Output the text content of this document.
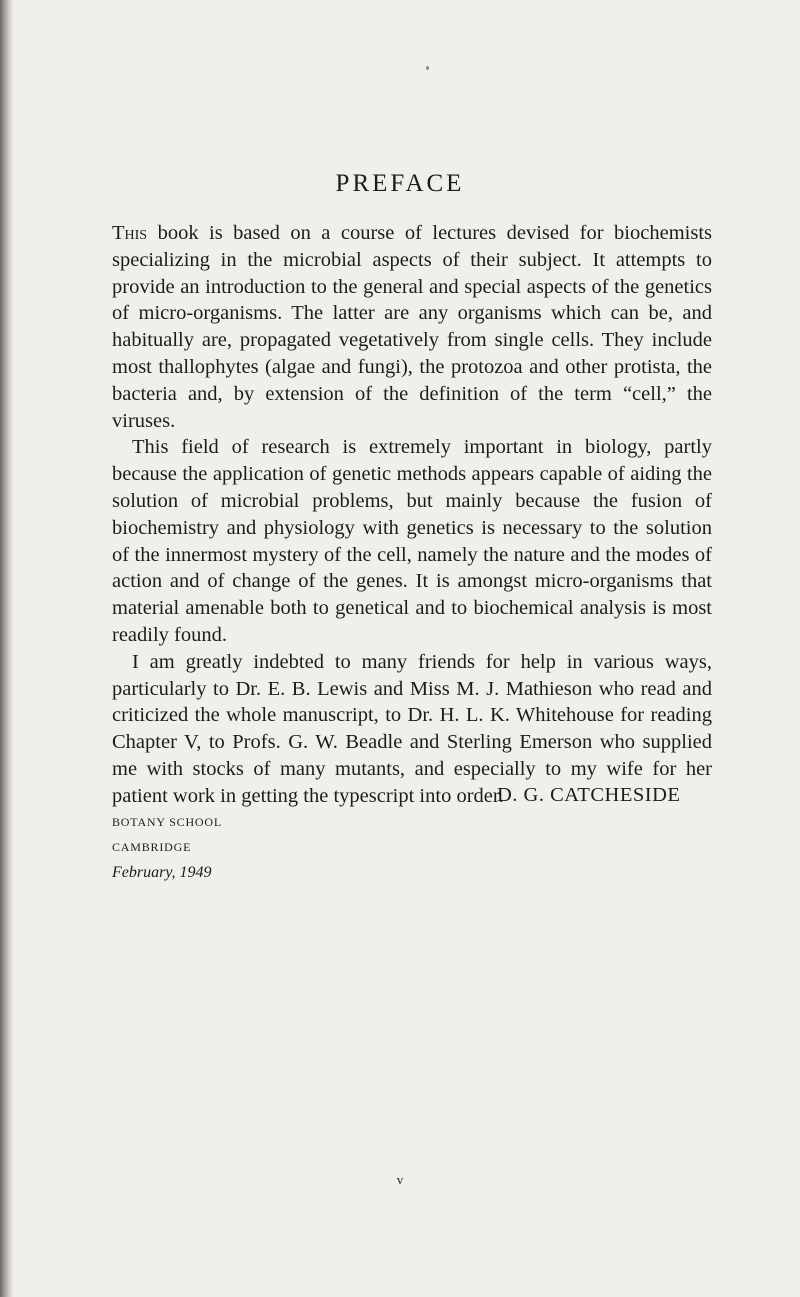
PREFACE

This book is based on a course of lectures devised for biochemists specializing in the microbial aspects of their subject. It attempts to provide an introduction to the general and special aspects of the genetics of micro-organisms. The latter are any organisms which can be, and habitually are, propagated vegetatively from single cells. They include most thallophytes (algae and fungi), the protozoa and other protista, the bacteria and, by extension of the definition of the term “cell,” the viruses.

This field of research is extremely important in biology, partly because the application of genetic methods appears capable of aiding the solution of microbial problems, but mainly because the fusion of biochemistry and physiology with genetics is necessary to the solution of the innermost mystery of the cell, namely the nature and the modes of action and of change of the genes. It is amongst micro-organisms that material amenable both to genetical and to biochemical analysis is most readily found.

I am greatly indebted to many friends for help in various ways, particularly to Dr. E. B. Lewis and Miss M. J. Mathieson who read and criticized the whole manuscript, to Dr. H. L. K. Whitehouse for reading Chapter V, to Profs. G. W. Beadle and Sterling Emerson who supplied me with stocks of many mutants, and especially to my wife for her patient work in getting the typescript into order.

D. G. CATCHESIDE
BOTANY SCHOOL
CAMBRIDGE
February, 1949
v
